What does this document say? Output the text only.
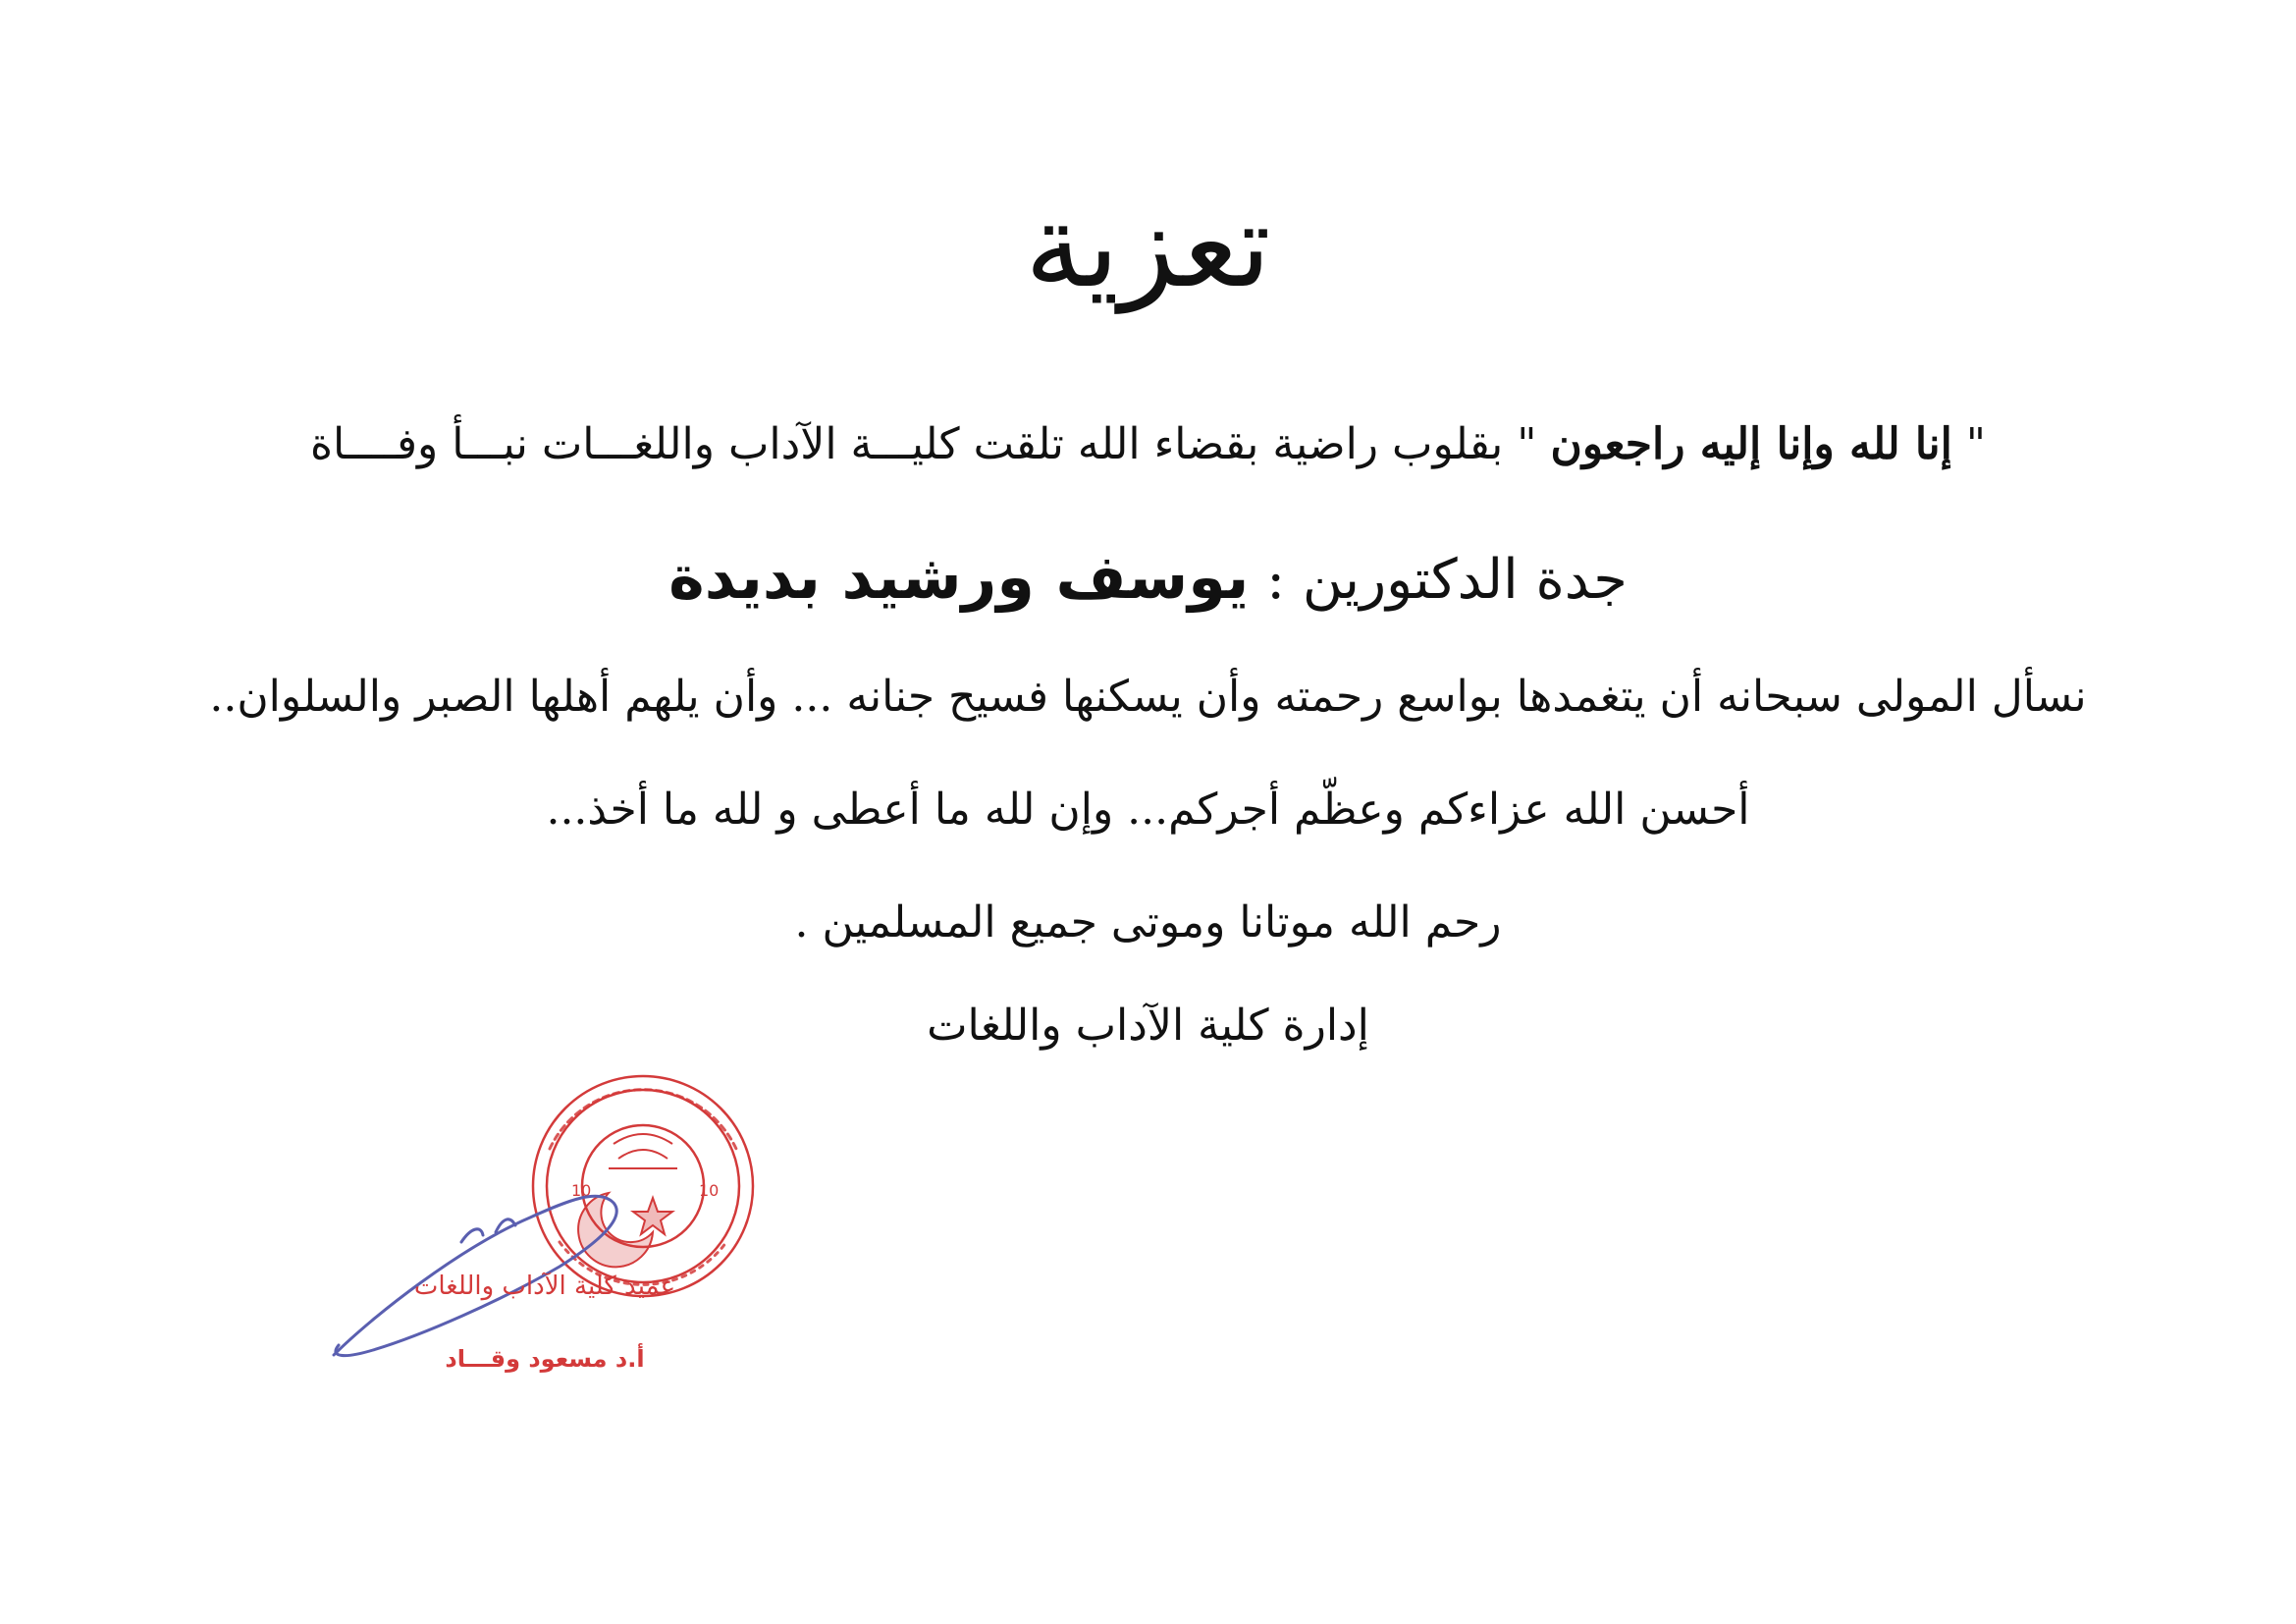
تعزية
" إنا لله وإنا إليه راجعون " بقلوب راضية بقضاء الله تلقت كليـــة الآداب واللغـــات نبـــأ وفــــاة
جدة الدكتورين : يوسف ورشيد بديدة
نسأل المولى سبحانه أن يتغمدها بواسع رحمته وأن يسكنها فسيح جنانه ... وأن يلهم أهلها الصبر والسلوان..
أحسن الله عزاءكم وعظّم أجركم... وإن لله ما أعطى و لله ما أخذ...
رحم الله موتانا وموتى جميع المسلمين .
إدارة كلية الآداب واللغات
10	10
عميد كلية الآداب واللغات
أ.د مسعود وقـــاد
